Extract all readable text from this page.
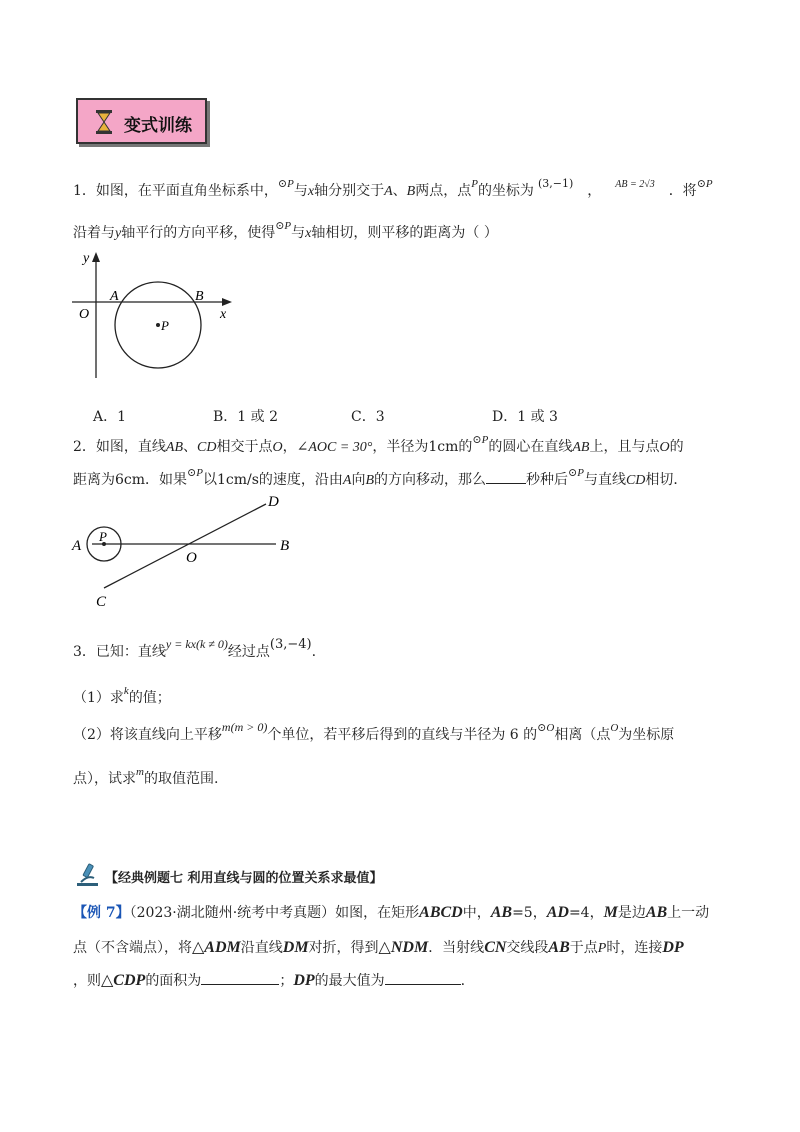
变式训练
1．如图，在平面直角坐标系中，$^{⊙P}$与x轴分别交于A、B两点，点$^P$的坐标为 $^{(3,-1)}$ ， $^{AB = 2√3}$ ．将$^{⊙P}$
沿着与y轴平行的方向平移，使得$^{⊙P}$与x轴相切，则平移的距离为（ ）
y
x
O
A	B
P
A．1	B．1 或 2	C．3	D．1 或 3
2．如图，直线AB、CD相交于点O，∠AOC = 30°，半径为1cm的$^{⊙P}$的圆心在直线AB上，且与点O的
距离为6cm．如果$^{⊙P}$以1cm/s的速度，沿由A向B的方向移动，那么	秒种后$^{⊙P}$与直线CD相切．
A	B
C
D
O
P
3．已知：直线y = kx(k ≠ 0)经过点(3,−4).
（1）求$^k$的值；
（2）将该直线向上平移m(m > 0)个单位，若平移后得到的直线与半径为 6 的$^{⊙O}$相离（点$^O$为坐标原
点），试求$^m$的取值范围.
【经典例题七 利用直线与圆的位置关系求最值】
【例 7】（2023·湖北随州·统考中考真题）如图，在矩形ABCD中，AB=5，AD=4，M是边AB上一动
点（不含端点），将△ADM沿直线DM对折，得到△NDM．当射线CN交线段AB于点P时，连接DP
，则△CDP的面积为	；DP的最大值为	.
